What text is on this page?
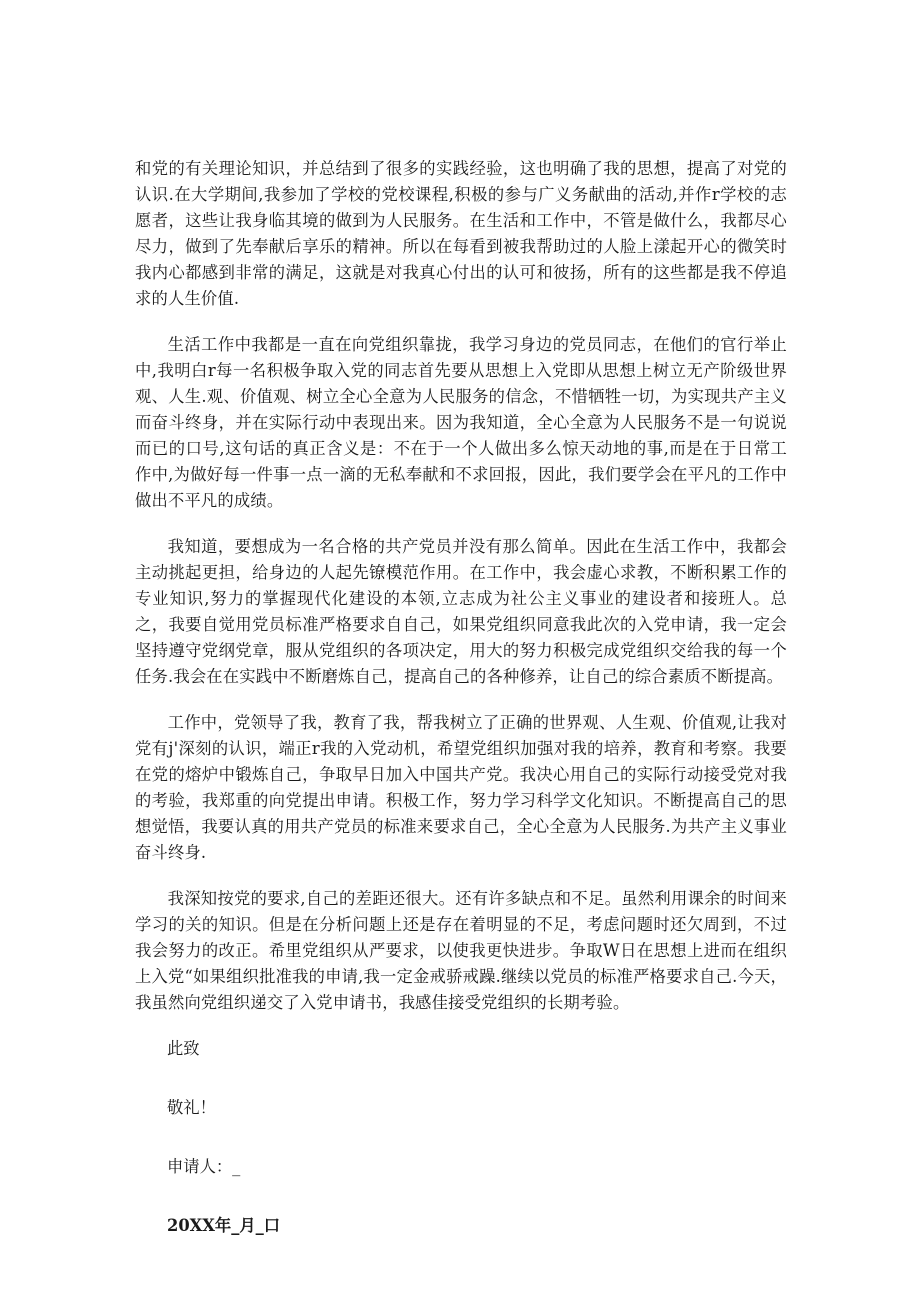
和党的有关理论知识，并总结到了很多的实践经验，这也明确了我的思想，提高了对党的认识.在大学期间,我参加了学校的党校课程,积极的参与广义务献曲的活动,并作r学校的志愿者，这些让我身临其境的做到为人民服务。在生活和工作中，不管是做什么，我都尽心尽力，做到了先奉献后享乐的精神。所以在每看到被我帮助过的人脸上漾起开心的微笑时我内心都感到非常的满足，这就是对我真心付出的认可和彼扬，所有的这些都是我不停追求的人生价值.

生活工作中我都是一直在向党组织靠拢，我学习身边的党员同志，在他们的官行举止中,我明白r每一名积极争取入党的同志首先要从思想上入党即从思想上树立无产阶级世界观、人生.观、价值观、树立全心全意为人民服务的信念，不惜牺牲一切，为实现共产主义而奋斗终身，并在实际行动中表现出来。因为我知道，全心全意为人民服务不是一句说说而已的口号,这句话的真正含义是：不在于一个人做出多么惊天动地的事,而是在于日常工作中,为做好每一件事一点一滴的无私奉献和不求回报，因此，我们要学会在平凡的工作中做出不平凡的成绩。

我知道，要想成为一名合格的共产党员并没有那么简单。因此在生活工作中，我都会主动挑起更担，给身边的人起先镣模范作用。在工作中，我会虚心求教，不断积累工作的专业知识,努力的掌握现代化建设的本领,立志成为社公主义事业的建设者和接班人。总之，我要自觉用党员标准严格要求自自己，如果党组织同意我此次的入党申请，我一定会坚持遵守党纲党章，服从党组织的各项决定，用大的努力积极完成党组织交给我的每一个任务.我会在在实践中不断磨炼自己，提高自己的各种修养，让自己的综合素质不断提高。

工作中，党领导了我，教育了我，帮我树立了正确的世界观、人生观、价值观,让我对党有j'深刻的认识，端正r我的入党动机，希望党组织加强对我的培养，教育和考察。我要在党的熔炉中锻炼自己，争取早日加入中国共产党。我决心用自己的实际行动接受党对我的考验，我郑重的向党提出申请。积极工作，努力学习科学文化知识。不断提高自己的思想觉悟，我要认真的用共产党员的标准来要求自己，全心全意为人民服务.为共产主义事业奋斗终身.

我深知按党的要求,自己的差距还很大。还有许多缺点和不足。虽然利用课余的时间来学习的关的知识。但是在分析问题上还是存在着明显的不足，考虑问题时还欠周到，不过我会努力的改正。希里党组织从严要求，以使我更快进步。争取W日在思想上进而在组织上入党“如果组织批准我的申请,我一定金戒骄戒躁.继续以党员的标准严格要求自己.今天，我虽然向党组织递交了入党申请书，我感佳接受党组织的长期考验。

此致

敬礼！

申请人：_

20XX年_月_口
